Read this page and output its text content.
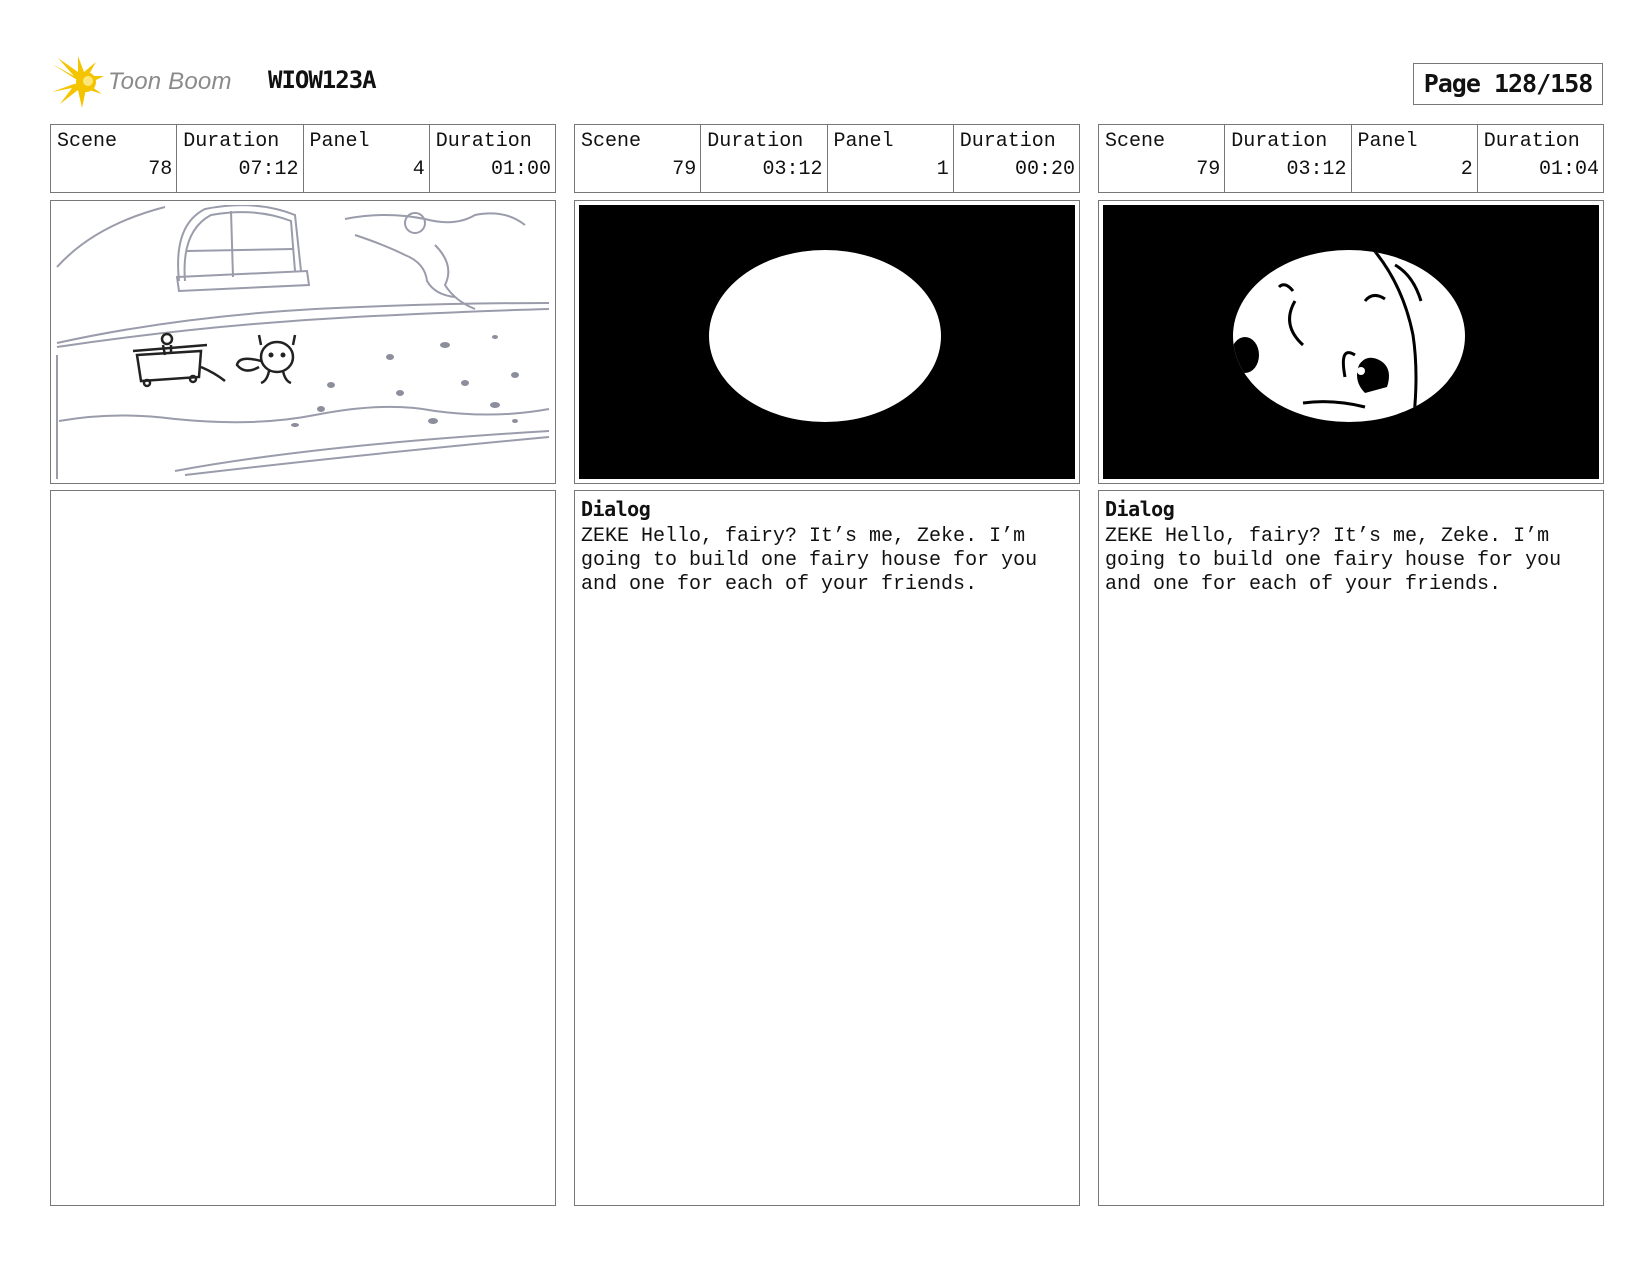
Toon Boom WIOW123A	Page 128/158
Scene
78
Duration
07:12
Panel
4
Duration
01:00
Scene
79
Duration
03:12
Panel
1
Duration
00:20
Dialog
ZEKE Hello, fairy? It’s me, Zeke. I’m going to build one fairy house for you and one for each of your friends.
Scene
79
Duration
03:12
Panel
2
Duration
01:04
Dialog
ZEKE Hello, fairy? It’s me, Zeke. I’m going to build one fairy house for you and one for each of your friends.
